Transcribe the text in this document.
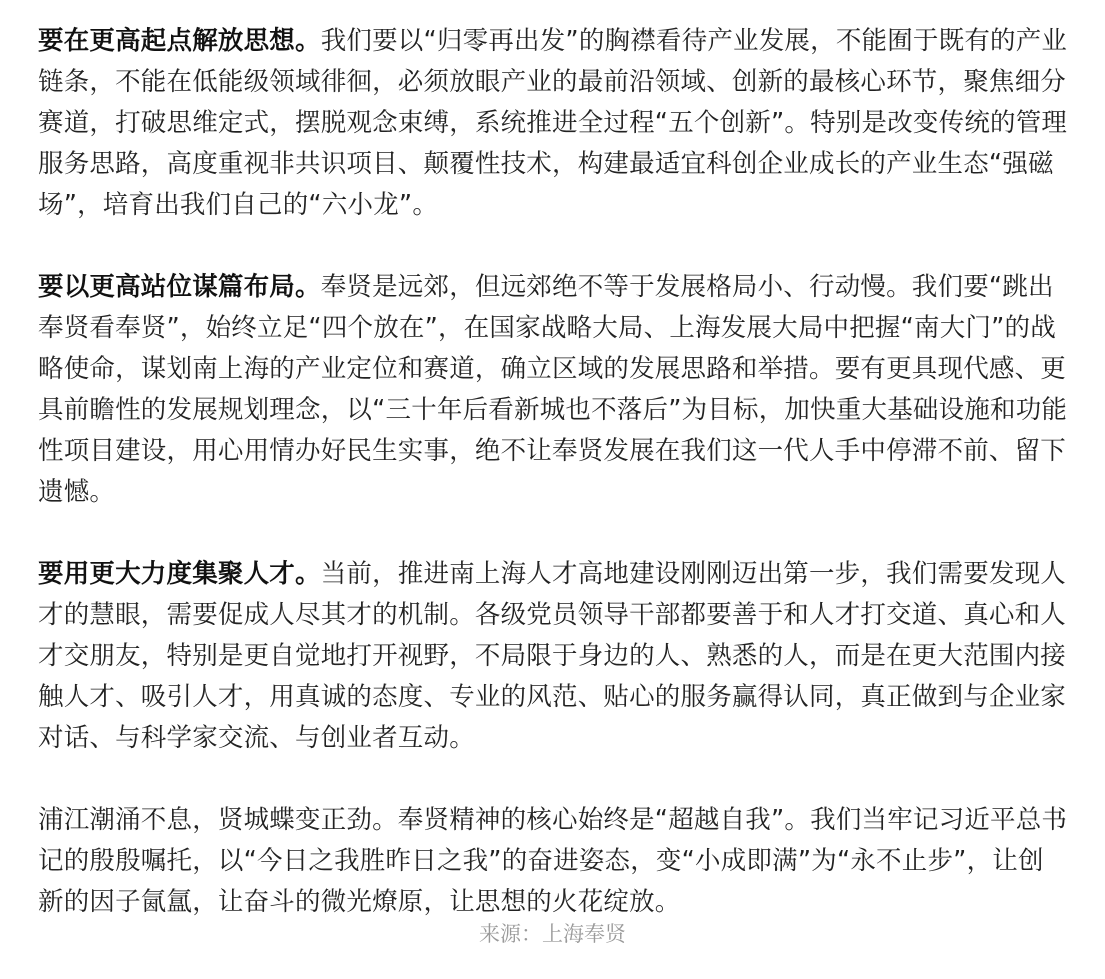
要在更高起点解放思想。我们要以“归零再出发”的胸襟看待产业发展，不能囿于既有的产业链条，不能在低能级领域徘徊，必须放眼产业的最前沿领域、创新的最核心环节，聚焦细分赛道，打破思维定式，摆脱观念束缚，系统推进全过程“五个创新”。特别是改变传统的管理服务思路，高度重视非共识项目、颠覆性技术，构建最适宜科创企业成长的产业生态“强磁场”，培育出我们自己的“六小龙”。

要以更高站位谋篇布局。奉贤是远郊，但远郊绝不等于发展格局小、行动慢。我们要“跳出奉贤看奉贤”，始终立足“四个放在”，在国家战略大局、上海发展大局中把握“南大门”的战略使命，谋划南上海的产业定位和赛道，确立区域的发展思路和举措。要有更具现代感、更具前瞻性的发展规划理念，以“三十年后看新城也不落后”为目标，加快重大基础设施和功能性项目建设，用心用情办好民生实事，绝不让奉贤发展在我们这一代人手中停滞不前、留下遗憾。

要用更大力度集聚人才。当前，推进南上海人才高地建设刚刚迈出第一步，我们需要发现人才的慧眼，需要促成人尽其才的机制。各级党员领导干部都要善于和人才打交道、真心和人才交朋友，特别是更自觉地打开视野，不局限于身边的人、熟悉的人，而是在更大范围内接触人才、吸引人才，用真诚的态度、专业的风范、贴心的服务赢得认同，真正做到与企业家对话、与科学家交流、与创业者互动。

浦江潮涌不息，贤城蝶变正劲。奉贤精神的核心始终是“超越自我”。我们当牢记习近平总书记的殷殷嘱托，以“今日之我胜昨日之我”的奋进姿态，变“小成即满”为“永不止步”，让创新的因子氤氲，让奋斗的微光燎原，让思想的火花绽放。

来源：上海奉贤
